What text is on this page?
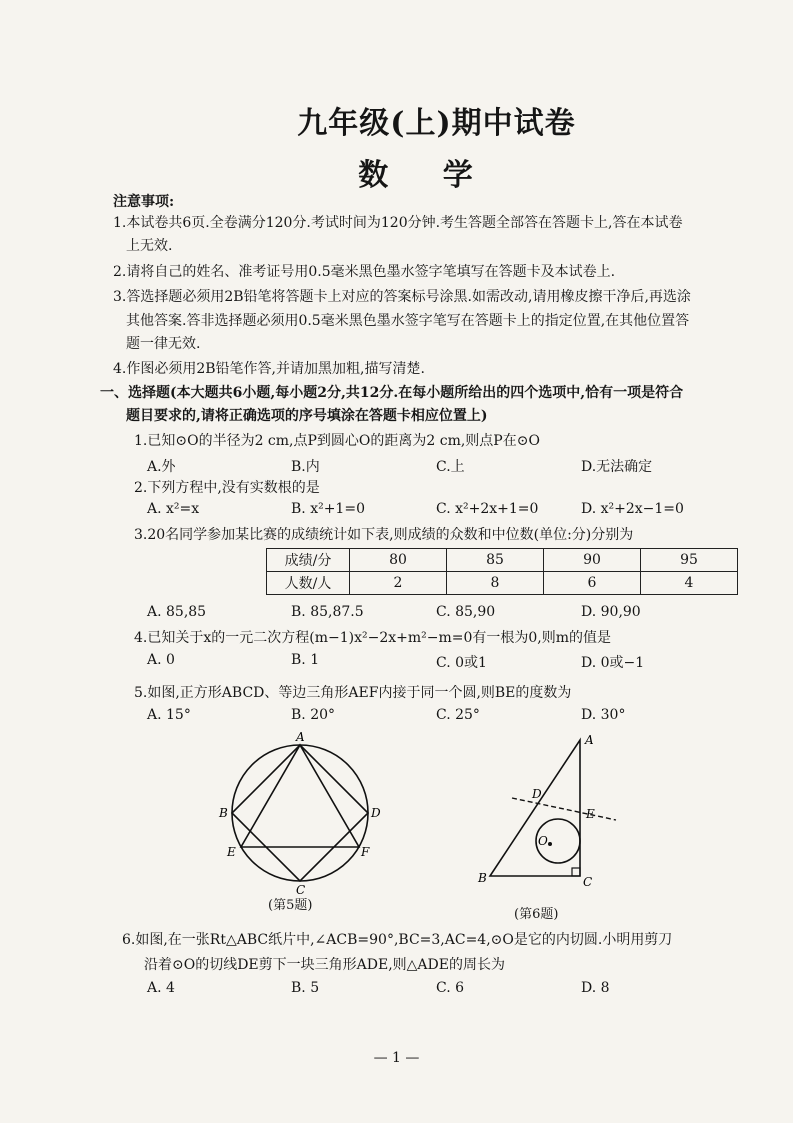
九年级(上)期中试卷
数 学
注意事项:
1.本试卷共6页.全卷满分120分.考试时间为120分钟.考生答题全部答在答题卡上,答在本试卷
上无效.
2.请将自己的姓名、准考证号用0.5毫米黑色墨水签字笔填写在答题卡及本试卷上.
3.答选择题必须用2B铅笔将答题卡上对应的答案标号涂黑.如需改动,请用橡皮擦干净后,再选涂
其他答案.答非选择题必须用0.5毫米黑色墨水签字笔写在答题卡上的指定位置,在其他位置答
题一律无效.
4.作图必须用2B铅笔作答,并请加黑加粗,描写清楚.
一、选择题(本大题共6小题,每小题2分,共12分.在每小题所给出的四个选项中,恰有一项是符合
题目要求的,请将正确选项的序号填涂在答题卡相应位置上)
1.已知⊙O的半径为2 cm,点P到圆心O的距离为2 cm,则点P在⊙O
A.外	B.内	C.上	D.无法确定
2.下列方程中,没有实数根的是
A. x²=x	B. x²+1=0	C. x²+2x+1=0	D. x²+2x−1=0
3.20名同学参加某比赛的成绩统计如下表,则成绩的众数和中位数(单位:分)分别为
成绩/分	80	85	90	95
人数/人	2	8	6	4
A. 85,85	B. 85,87.5	C. 85,90	D. 90,90
4.已知关于x的一元二次方程(m−1)x²−2x+m²−m=0有一根为0,则m的值是
A. 0	B. 1	C. 0或1	D. 0或−1
5.如图,正方形ABCD、等边三角形AEF内接于同一个圆,则BE的度数为
A. 15°	B. 20°	C. 25°	D. 30°
A
B	D
E	F
C
(第5题)
A
D
E
O
B	C
(第6题)
6.如图,在一张Rt△ABC纸片中,∠ACB=90°,BC=3,AC=4,⊙O是它的内切圆.小明用剪刀
沿着⊙O的切线DE剪下一块三角形ADE,则△ADE的周长为
A. 4	B. 5	C. 6	D. 8
— 1 —
